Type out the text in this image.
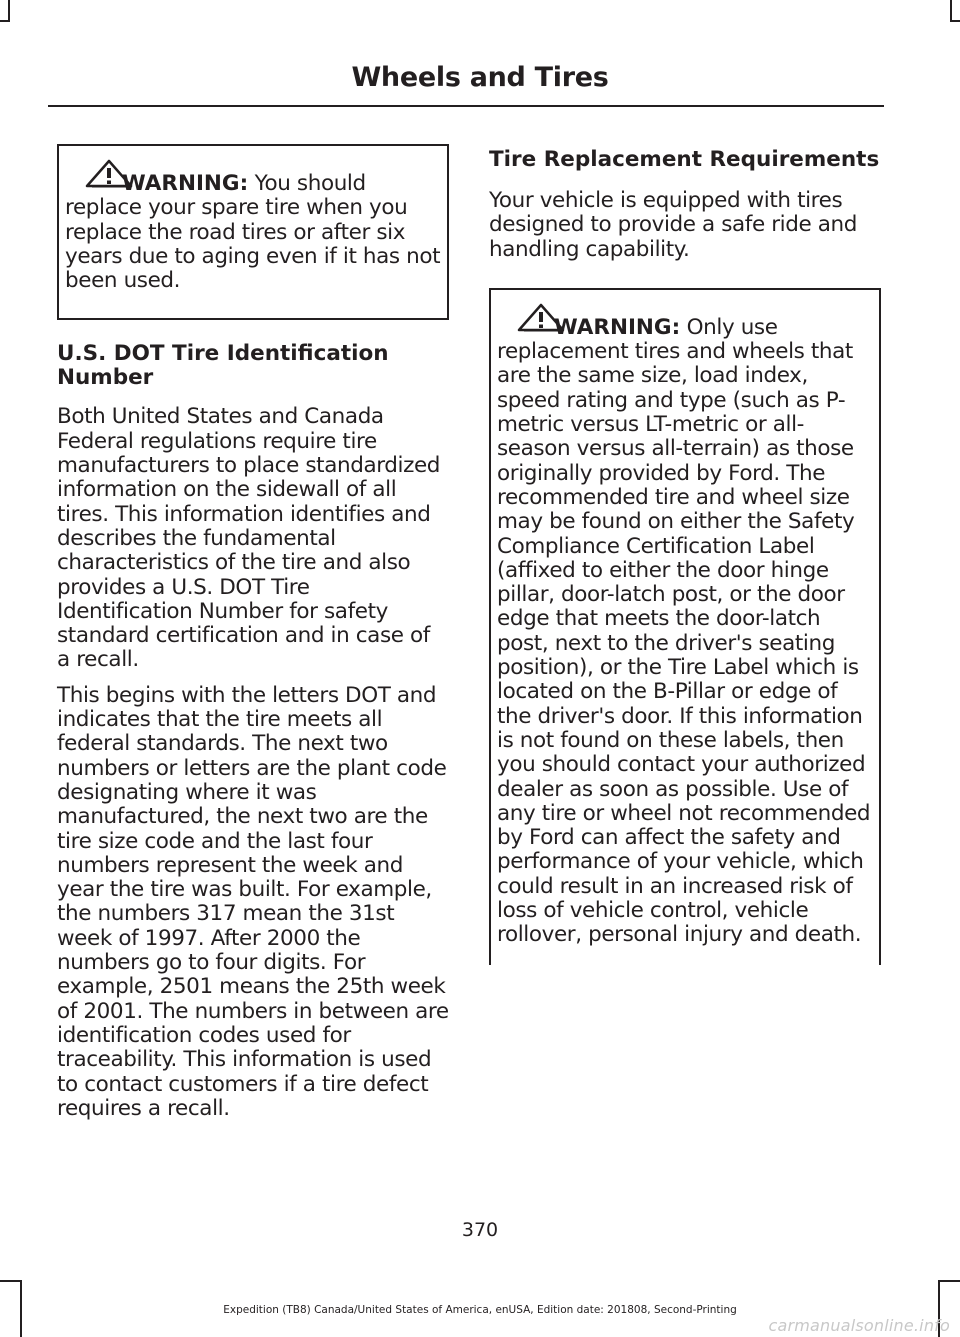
Wheels and Tires

WARNING: You should replace your spare tire when you replace the road tires or after six years due to aging even if it has not been used.

U.S. DOT Tire Identification Number

Both United States and Canada Federal regulations require tire manufacturers to place standardized information on the sidewall of all tires. This information identifies and describes the fundamental characteristics of the tire and also provides a U.S. DOT Tire Identification Number for safety standard certification and in case of a recall.

This begins with the letters DOT and indicates that the tire meets all federal standards. The next two numbers or letters are the plant code designating where it was manufactured, the next two are the tire size code and the last four numbers represent the week and year the tire was built. For example, the numbers 317 mean the 31st week of 1997. After 2000 the numbers go to four digits. For example, 2501 means the 25th week of 2001. The numbers in between are identification codes used for traceability. This information is used to contact customers if a tire defect requires a recall.

Tire Replacement Requirements

Your vehicle is equipped with tires designed to provide a safe ride and handling capability.

WARNING: Only use replacement tires and wheels that are the same size, load index, speed rating and type (such as P-metric versus LT-metric or all-season versus all-terrain) as those originally provided by Ford. The recommended tire and wheel size may be found on either the Safety Compliance Certification Label (affixed to either the door hinge pillar, door-latch post, or the door edge that meets the door-latch post, next to the driver's seating position), or the Tire Label which is located on the B-Pillar or edge of the driver's door. If this information is not found on these labels, then you should contact your authorized dealer as soon as possible. Use of any tire or wheel not recommended by Ford can affect the safety and performance of your vehicle, which could result in an increased risk of loss of vehicle control, vehicle rollover, personal injury and death.

370
Expedition (TB8) Canada/United States of America, enUSA, Edition date: 201808, Second-Printing
carmanualsonline.info
